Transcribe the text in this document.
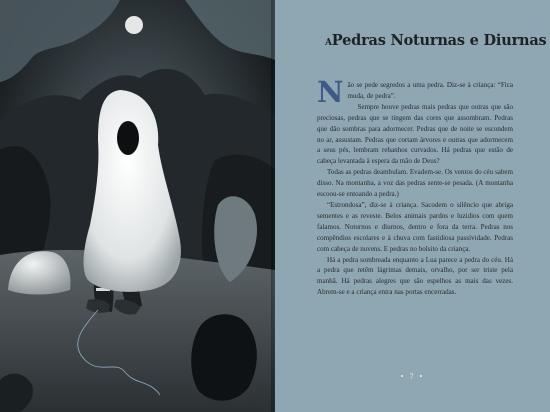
APedras Noturnas e Diurnas

Não se pede segredos a uma pedra. Diz-se à criança: “Fica muda, de pedra”.

Sempre houve pedras mais pedras que outras que são preciosas, pedras que se tingem das cores que assombram. Pedras que dão sombras para adormecer. Pedras que de noite se escondem no ar, assustam. Pedras que cortam árvores e outras que adormecem a seus pés, lembram rebanhos curvados. Há pedras que estão de cabeça levantada à espera da mão de Deus?

Todas as pedras deambulam. Evadem-se. Os ventos do céu sabem disso. Na montanha, a voz das pedras sente-se pesada. (A montanha escoou-se entoando a pedra.)

“Estrondosa”, diz-se à criança. Sacodem o silêncio que abriga sementes e as reveste. Belos animais pardos e luzidios com quem falamos. Noturnos e diurnos, dentro e fora da terra. Pedras nos compêndios escolares e à chuva com fastidiosa passividade. Pedras com cabeça de nuvens. E pedras no bolsito da criança.

Há a pedra sombreada enquanto a Lua parece a pedra do céu. Há a pedra que retêm lágrimas demais, orvalho, por ser triste pela manhã. Há pedras alegres que são espelhos as mais das vezes. Abrem-se e a criança entra nas portas encerradas.

• 7 •
